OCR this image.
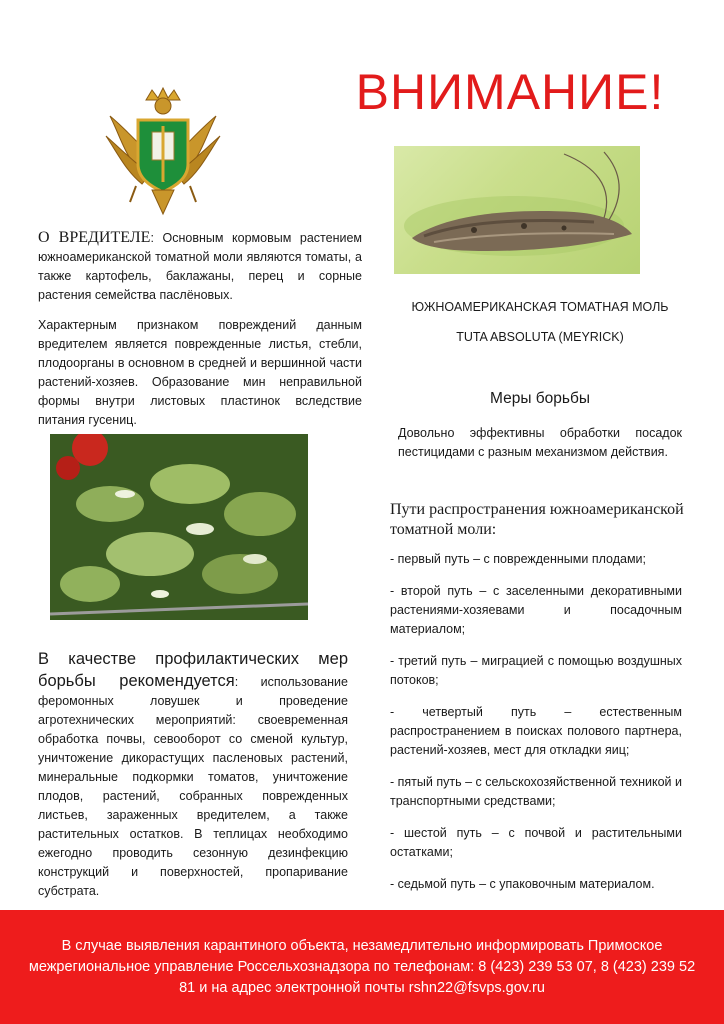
ВНИМАНИЕ!
ЮЖНОАМЕРИКАНСКАЯ ТОМАТНАЯ МОЛЬ
TUTA ABSOLUTA (MEYRICK)
О ВРЕДИТЕЛЕ: Основным кормовым растением южноамериканской томатной моли являются томаты, а также картофель, баклажаны, перец и сорные растения семейства паслёновых.
Характерным признаком повреждений данным вредителем является поврежденные листья, стебли, плодоорганы в основном в средней и вершинной части растений-хозяев. Образование мин неправильной формы внутри листовых пластинок вследствие питания гусениц.
В качестве профилактических мер борьбы рекомендуется: использование феромонных ловушек и проведение агротехнических мероприятий: своевременная обработка почвы, севооборот со сменой культур, уничтожение дикорастущих пасленовых растений, минеральные подкормки томатов, уничтожение плодов, растений, собранных поврежденных листьев, зараженных вредителем, а также растительных остатков. В теплицах необходимо ежегодно проводить сезонную дезинфекцию конструкций и поверхностей, пропаривание субстрата.
Меры борьбы
Довольно эффективны обработки посадок пестицидами с разным механизмом действия.
Пути распространения южноамериканской томатной моли:

- первый путь – с поврежденными плодами;

- второй путь – с заселенными декоративными растениями-хозяевами и посадочным материалом;

- третий путь – миграцией с помощью воздушных потоков;

- четвертый путь – естественным распространением в поисках полового партнера, растений-хозяев, мест для откладки яиц;

- пятый путь – с сельскохозяйственной техникой и транспортными средствами;

- шестой путь – с почвой и растительными остатками;

- седьмой путь – с упаковочным материалом.

В случае выявления карантиного объекта, незамедлительно информировать Примоское межрегиональное управление Россельхознадзора по телефонам: 8 (423) 239 53 07, 8 (423) 239 52 81 и на адрес электронной почты rshn22@fsvps.gov.ru
